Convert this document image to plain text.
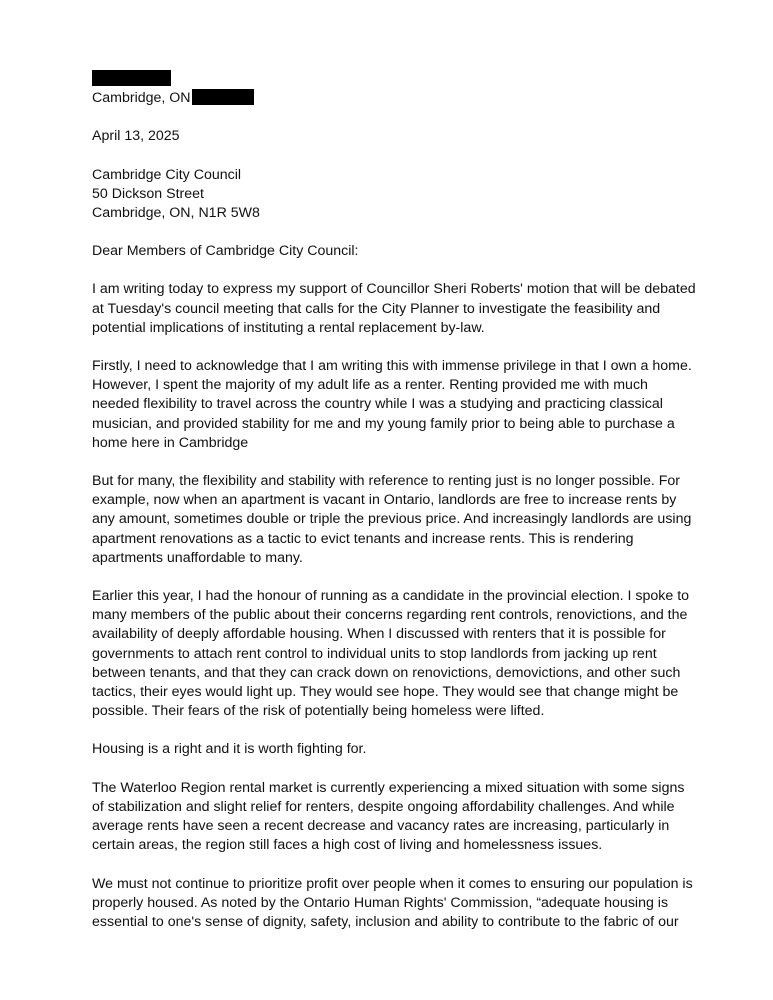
Cambridge, ON
April 13, 2025
Cambridge City Council
50 Dickson Street
Cambridge, ON, N1R 5W8
Dear Members of Cambridge City Council:

I am writing today to express my support of Councillor Sheri Roberts' motion that will be debated
at Tuesday's council meeting that calls for the City Planner to investigate the feasibility and
potential implications of instituting a rental replacement by-law.

Firstly, I need to acknowledge that I am writing this with immense privilege in that I own a home.
However, I spent the majority of my adult life as a renter. Renting provided me with much
needed flexibility to travel across the country while I was a studying and practicing classical
musician, and provided stability for me and my young family prior to being able to purchase a
home here in Cambridge

But for many, the flexibility and stability with reference to renting just is no longer possible. For
example, now when an apartment is vacant in Ontario, landlords are free to increase rents by
any amount, sometimes double or triple the previous price. And increasingly landlords are using
apartment renovations as a tactic to evict tenants and increase rents. This is rendering
apartments unaffordable to many.

Earlier this year, I had the honour of running as a candidate in the provincial election. I spoke to
many members of the public about their concerns regarding rent controls, renovictions, and the
availability of deeply affordable housing. When I discussed with renters that it is possible for
governments to attach rent control to individual units to stop landlords from jacking up rent
between tenants, and that they can crack down on renovictions, demovictions, and other such
tactics, their eyes would light up. They would see hope. They would see that change might be
possible. Their fears of the risk of potentially being homeless were lifted.

Housing is a right and it is worth fighting for.

The Waterloo Region rental market is currently experiencing a mixed situation with some signs
of stabilization and slight relief for renters, despite ongoing affordability challenges. And while
average rents have seen a recent decrease and vacancy rates are increasing, particularly in
certain areas, the region still faces a high cost of living and homelessness issues.

We must not continue to prioritize profit over people when it comes to ensuring our population is
properly housed. As noted by the Ontario Human Rights' Commission, “adequate housing is
essential to one's sense of dignity, safety, inclusion and ability to contribute to the fabric of our
